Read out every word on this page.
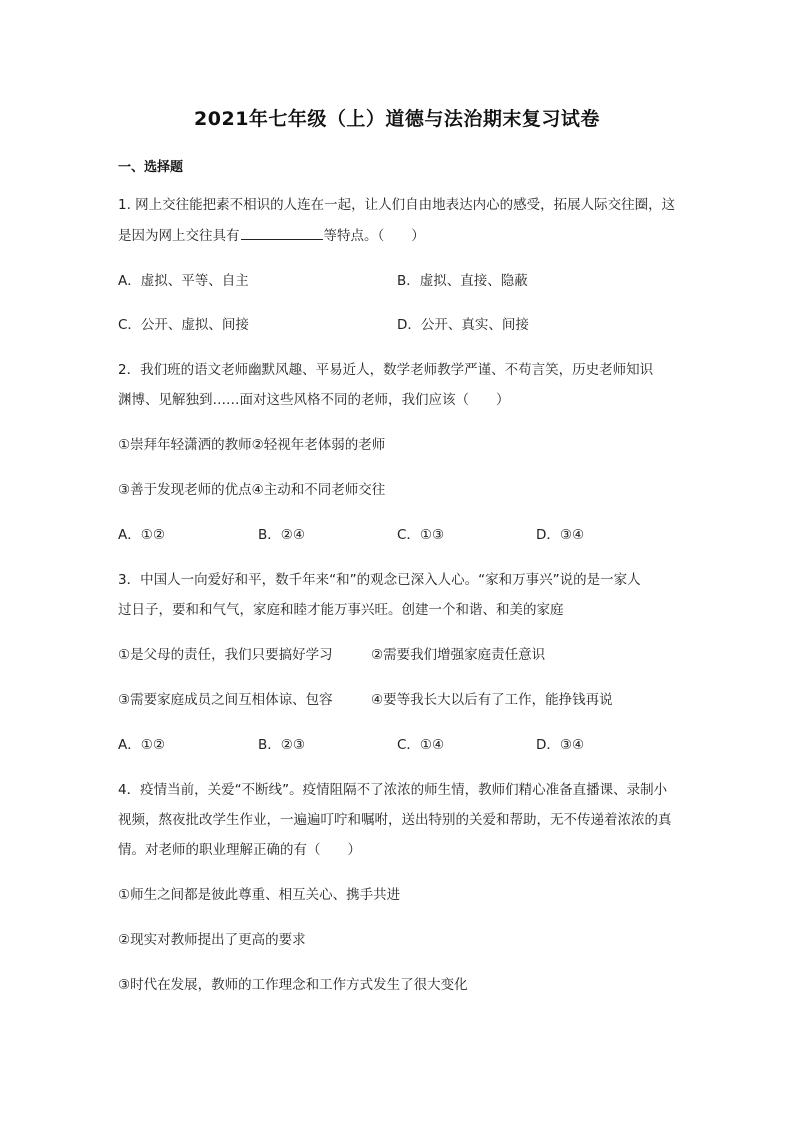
2021年七年级（上）道德与法治期末复习试卷
一、选择题
1. 网上交往能把素不相识的人连在一起，让人们自由地表达内心的感受，拓展人际交往圈，这
是因为网上交往具有	等特点。（　　）
A．虚拟、平等、自主	B．虚拟、直接、隐蔽
C．公开、虚拟、间接	D．公开、真实、间接
2．我们班的语文老师幽默风趣、平易近人，数学老师教学严谨、不苟言笑，历史老师知识
渊博、见解独到……面对这些风格不同的老师，我们应该（　　）
①崇拜年轻潇洒的教师②轻视年老体弱的老师
③善于发现老师的优点④主动和不同老师交往
A．①②	B．②④	C．①③	D．③④
3．中国人一向爱好和平，数千年来“和”的观念已深入人心。“家和万事兴”说的是一家人
过日子，要和和气气，家庭和睦才能万事兴旺。创建一个和谐、和美的家庭
①是父母的责任，我们只要搞好学习	②需要我们增强家庭责任意识
③需要家庭成员之间互相体谅、包容	④要等我长大以后有了工作，能挣钱再说
A．①②	B．②③	C．①④	D．③④
4．疫情当前，关爱“不断线”。疫情阻隔不了浓浓的师生情，教师们精心准备直播课、录制小
视频，熬夜批改学生作业，一遍遍叮咛和嘱咐，送出特别的关爱和帮助，无不传递着浓浓的真
情。对老师的职业理解正确的有（　　）
①师生之间都是彼此尊重、相互关心、携手共进
②现实对教师提出了更高的要求
③时代在发展，教师的工作理念和工作方式发生了很大变化
